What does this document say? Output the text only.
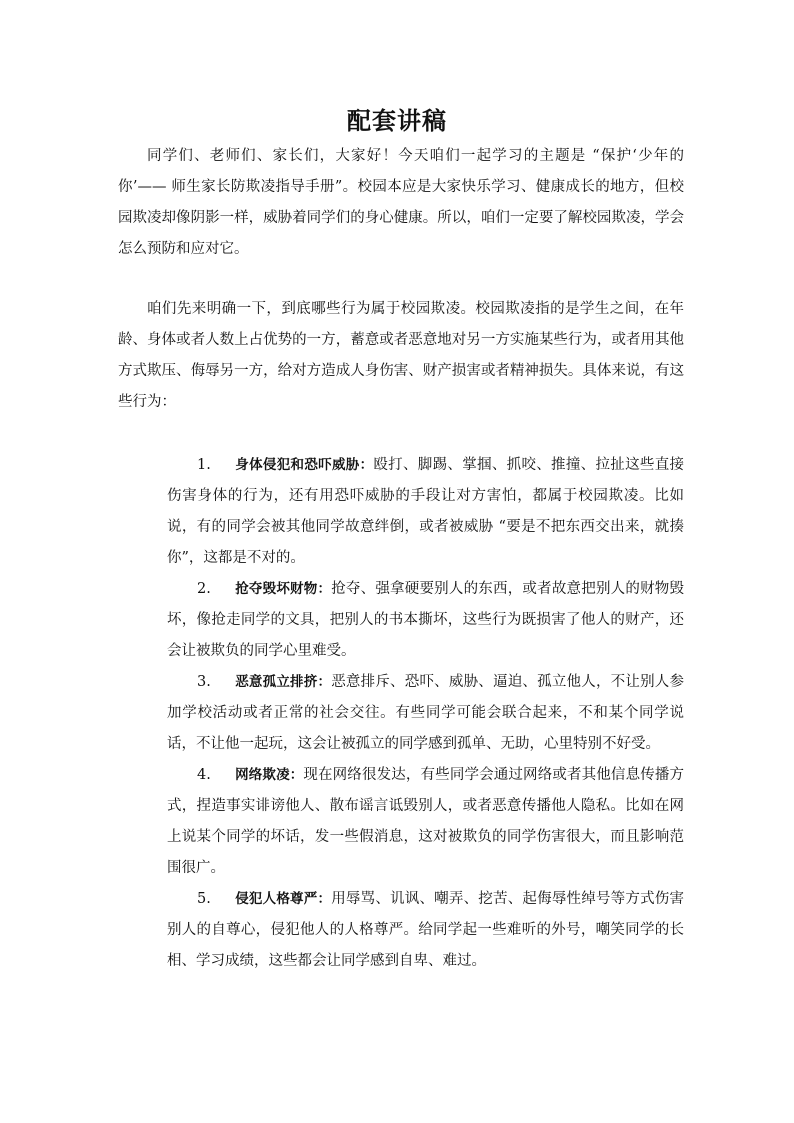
配套讲稿

同学们、老师们、家长们，大家好！今天咱们一起学习的主题是 “保护‘少年的你’—— 师生家长防欺凌指导手册”。校园本应是大家快乐学习、健康成长的地方，但校园欺凌却像阴影一样，威胁着同学们的身心健康。所以，咱们一定要了解校园欺凌，学会怎么预防和应对它。

咱们先来明确一下，到底哪些行为属于校园欺凌。校园欺凌指的是学生之间，在年龄、身体或者人数上占优势的一方，蓄意或者恶意地对另一方实施某些行为，或者用其他方式欺压、侮辱另一方，给对方造成人身伤害、财产损害或者精神损失。具体来说，有这些行为：

1. 身体侵犯和恐吓威胁：殴打、脚踢、掌掴、抓咬、推撞、拉扯这些直接伤害身体的行为，还有用恐吓威胁的手段让对方害怕，都属于校园欺凌。比如说，有的同学会被其他同学故意绊倒，或者被威胁 “要是不把东西交出来，就揍你”，这都是不对的。
2. 抢夺毁坏财物：抢夺、强拿硬要别人的东西，或者故意把别人的财物毁坏，像抢走同学的文具，把别人的书本撕坏，这些行为既损害了他人的财产，还会让被欺负的同学心里难受。
3. 恶意孤立排挤：恶意排斥、恐吓、威胁、逼迫、孤立他人，不让别人参加学校活动或者正常的社会交往。有些同学可能会联合起来，不和某个同学说话，不让他一起玩，这会让被孤立的同学感到孤单、无助，心里特别不好受。
4. 网络欺凌：现在网络很发达，有些同学会通过网络或者其他信息传播方式，捏造事实诽谤他人、散布谣言诋毁别人，或者恶意传播他人隐私。比如在网上说某个同学的坏话，发一些假消息，这对被欺负的同学伤害很大，而且影响范围很广。
5. 侵犯人格尊严：用辱骂、讥讽、嘲弄、挖苦、起侮辱性绰号等方式伤害别人的自尊心，侵犯他人的人格尊严。给同学起一些难听的外号，嘲笑同学的长相、学习成绩，这些都会让同学感到自卑、难过。
